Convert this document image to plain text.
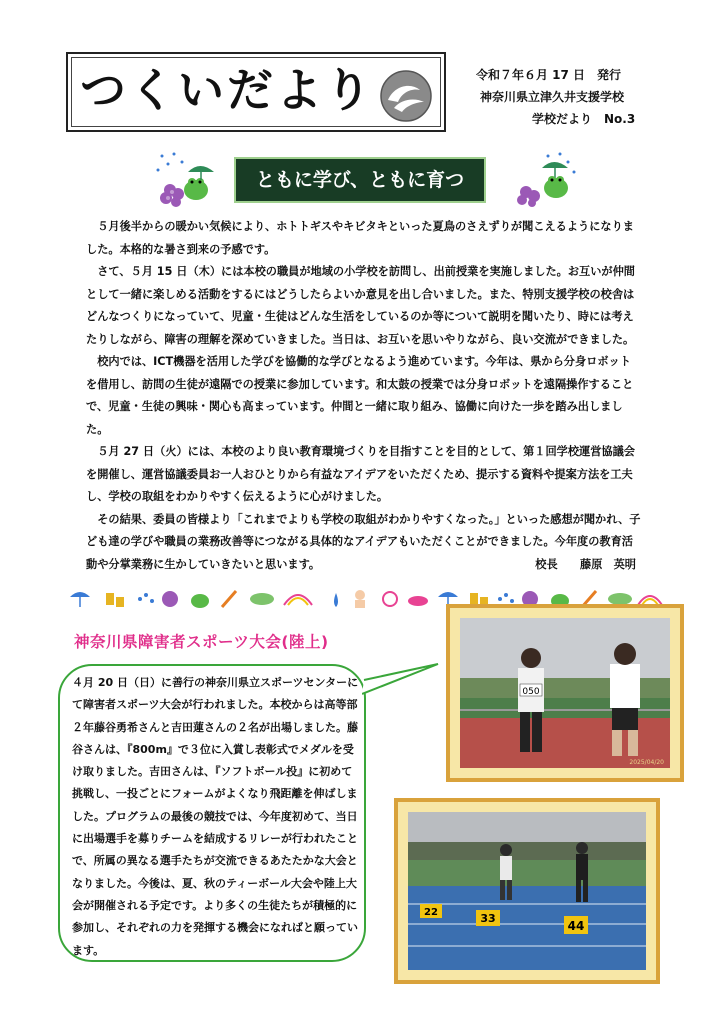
つくいだより	令和７年６月 17 日　発行
神奈川県立津久井支援学校
学校だより　No.3
ともに学び、ともに育つ

５月後半からの暖かい気候により、ホトトギスやキビタキといった夏鳥のさえずりが聞こえるようになりました。本格的な暑さ到来の予感です。

さて、５月 15 日（木）には本校の職員が地域の小学校を訪問し、出前授業を実施しました。お互いが仲間として一緒に楽しめる活動をするにはどうしたらよいか意見を出し合いました。また、特別支援学校の校舎はどんなつくりになっていて、児童・生徒はどんな生活をしているのか等について説明を聞いたり、時には考えたりしながら、障害の理解を深めていきました。当日は、お互いを思いやりながら、良い交流ができました。

校内では、ICT機器を活用した学びを協働的な学びとなるよう進めています。今年は、県から分身ロボットを借用し、訪問の生徒が遠隔での授業に参加しています。和太鼓の授業では分身ロボットを遠隔操作することで、児童・生徒の興味・関心も高まっています。仲間と一緒に取り組み、協働に向けた一歩を踏み出しました。

５月 27 日（火）には、本校のより良い教育環境づくりを目指すことを目的として、第１回学校運営協議会を開催し、運営協議委員お一人おひとりから有益なアイデアをいただくため、提示する資料や提案方法を工夫し、学校の取組をわかりやすく伝えるように心がけました。

その結果、委員の皆様より「これまでよりも学校の取組がわかりやすくなった。」といった感想が聞かれ、子ども達の学びや職員の業務改善等につながる具体的なアイデアもいただくことができました。今年度の教育活動や分掌業務に生かしていきたいと思います。	校長　　藤原　英明
神奈川県障害者スポーツ大会(陸上)
４月 20 日（日）に善行の神奈川県立スポーツセンターにて障害者スポーツ大会が行われました。本校からは高等部２年藤谷勇希さんと吉田蓮さんの２名が出場しました。藤谷さんは、『800m』で３位に入賞し表彰式でメダルを受け取りました。吉田さんは、『ソフトボール投』に初めて挑戦し、一投ごとにフォームがよくなり飛距離を伸ばしました。プログラムの最後の競技では、今年度初めて、当日に出場選手を募りチームを結成するリレーが行われたことで、所属の異なる選手たちが交流できるあたたかな大会となりました。今後は、夏、秋のティーボール大会や陸上大会が開催される予定です。より多くの生徒たちが積極的に参加し、それぞれの力を発揮する機会になればと願っています。
050
2025/04/20
22	33
44
